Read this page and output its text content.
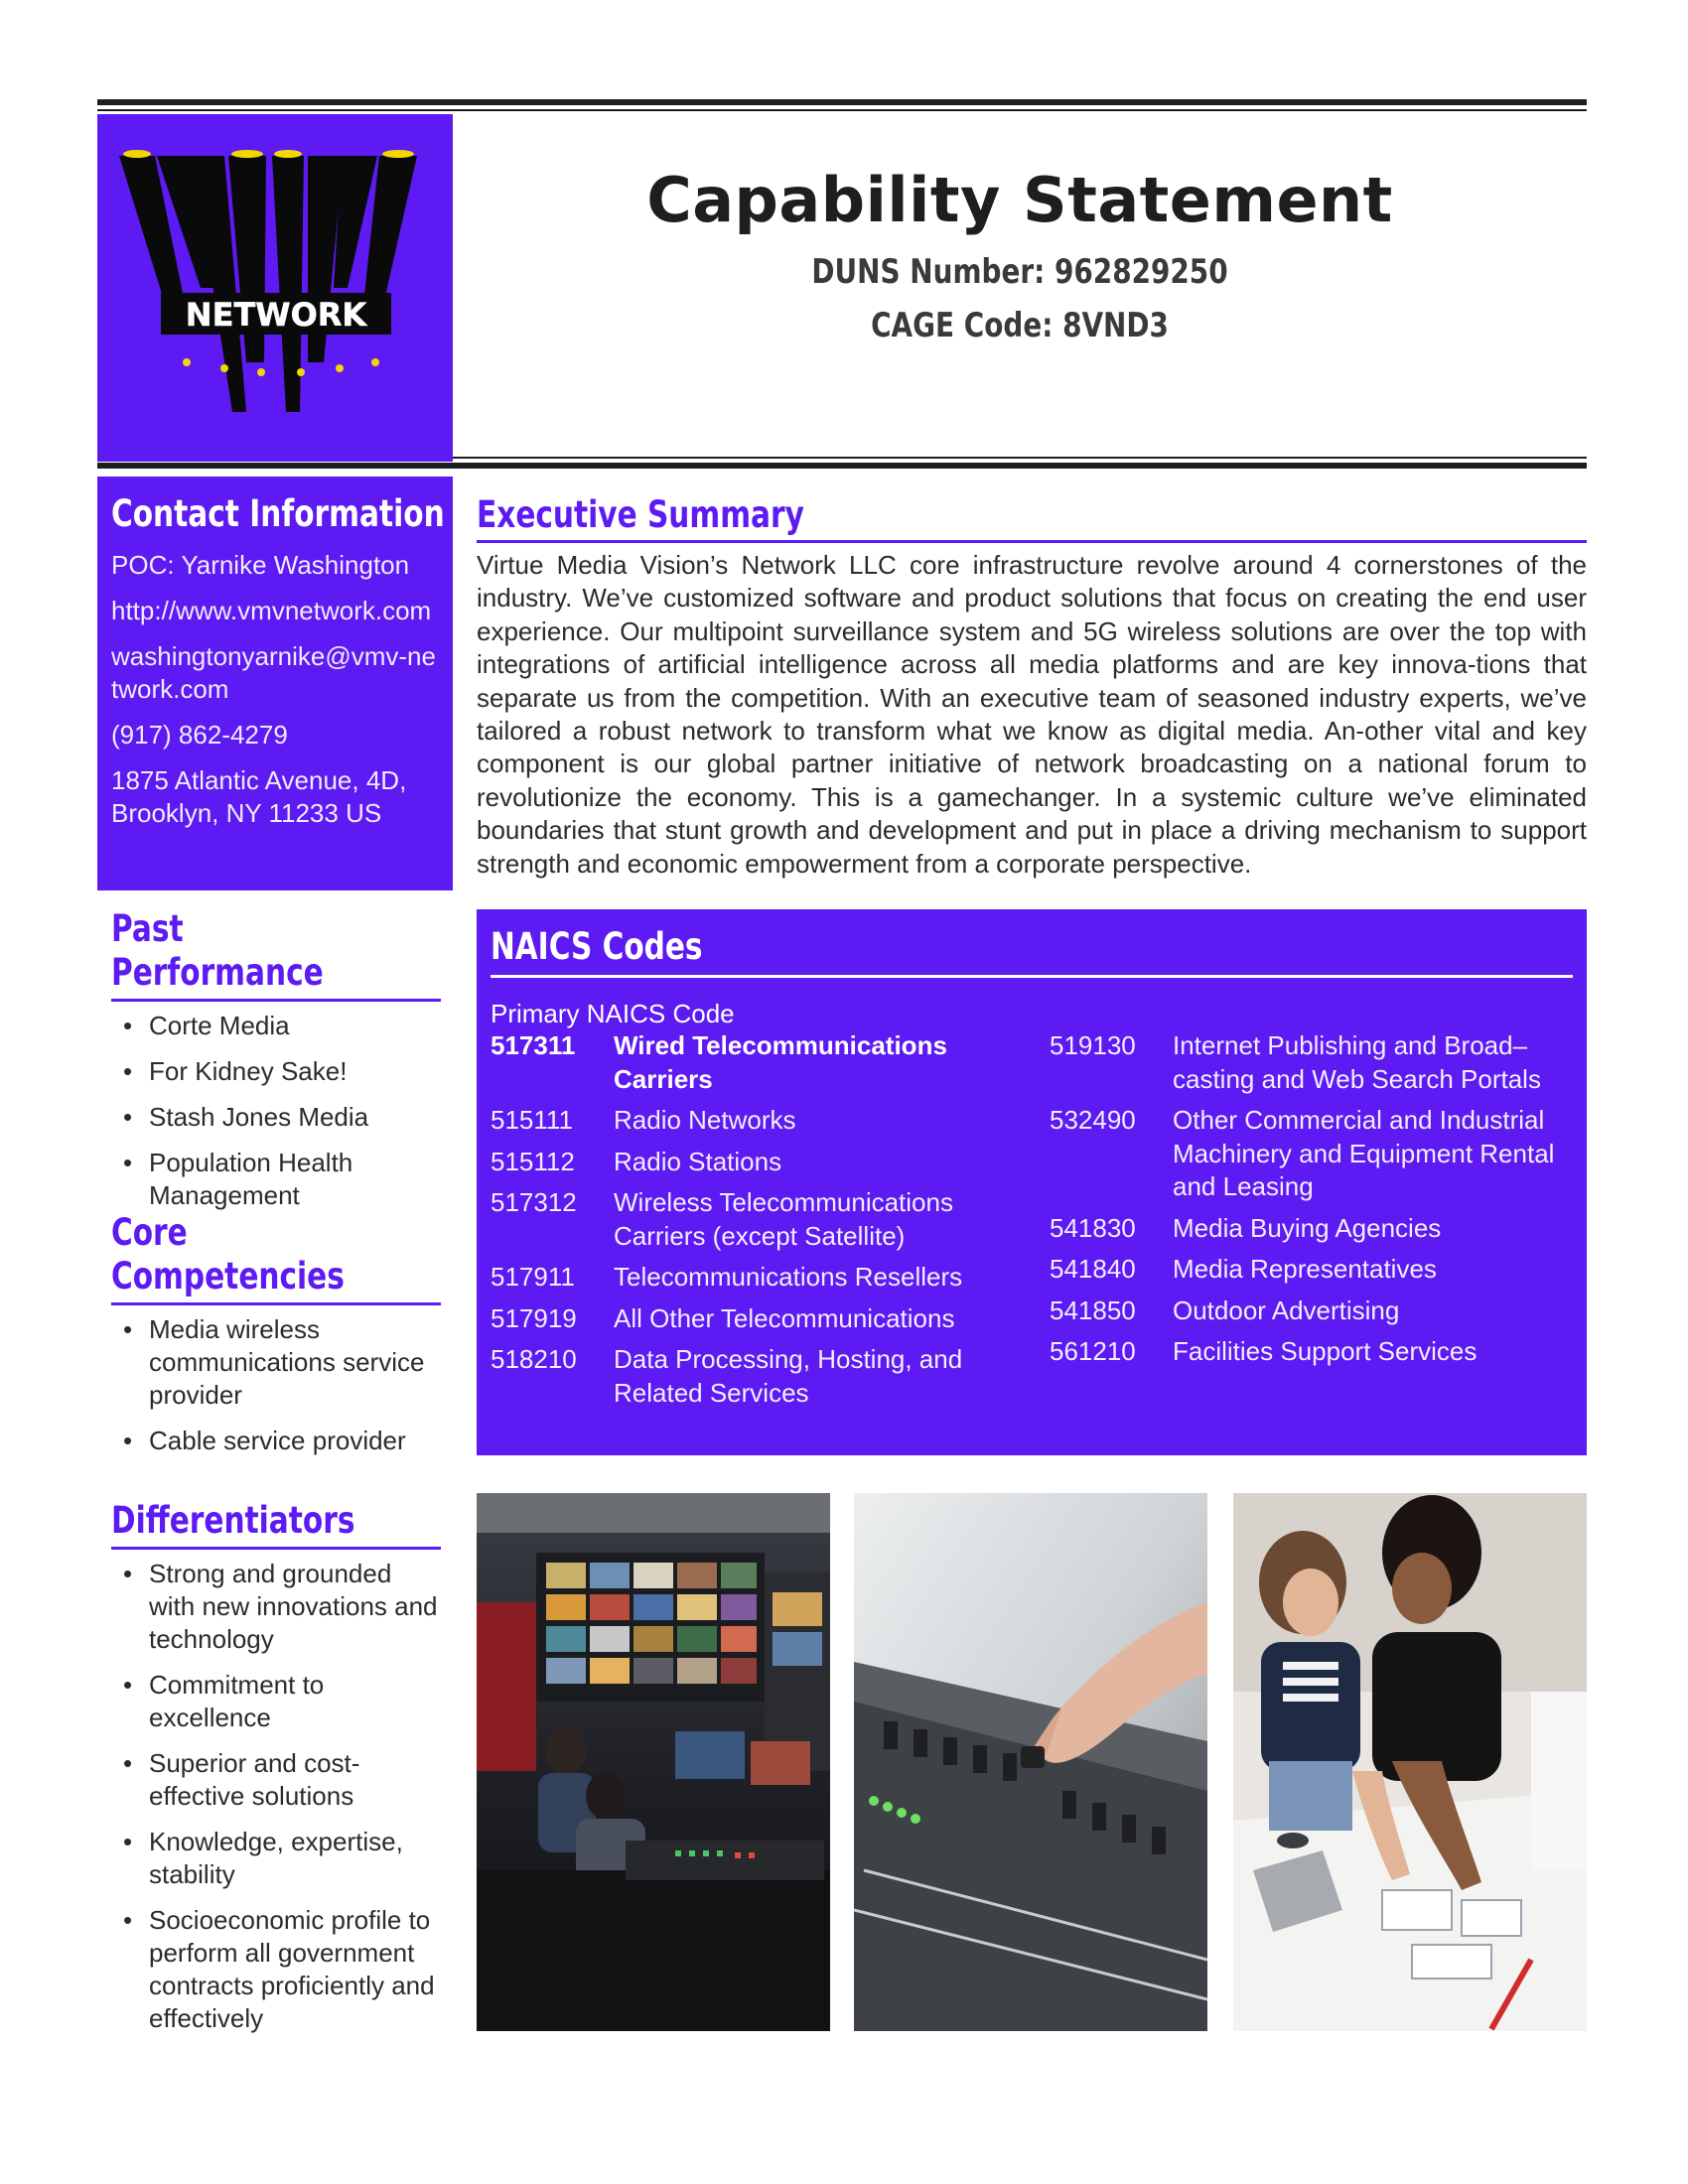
NETWORK
Capability Statement
DUNS Number: 962829250
CAGE Code: 8VND3
Contact Information
POC: Yarnike Washington
http://www.vmvnetwork.com
washingtonyarnike@vmv-network.com
(917) 862-4279
1875 Atlantic Avenue, 4D,
Brooklyn, NY 11233 US
Past Performance
• Corte Media
• For Kidney Sake!
• Stash Jones Media
• Population Health Management
Core Competencies
• Media wireless communications service provider
• Cable service provider
Differentiators
• Strong and grounded with new innovations and technology
• Commitment to excellence
• Superior and cost-effective solutions
• Knowledge, expertise, stability
• Socioeconomic profile to perform all government contracts proficiently and effectively
Executive Summary

Virtue Media Vision’s Network LLC core infrastructure revolve around 4 cornerstones of the industry. We’ve customized software and product solutions that focus on creating the end user experience. Our multipoint surveillance system and 5G wireless solutions are over the top with integrations of artificial intelligence across all media platforms and are key innova-tions that separate us from the competition. With an executive team of seasoned industry experts, we’ve tailored a robust network to transform what we know as digital media. An-other vital and key component is our global partner initiative of network broadcasting on a national forum to revolutionize the economy. This is a gamechanger. In a systemic culture we’ve eliminated boundaries that stunt growth and development and put in place a driving mechanism to support strength and economic empowerment from a corporate perspective.

NAICS Codes
Primary NAICS Code
517311	Wired Telecommunications Carriers
515111	Radio Networks
515112	Radio Stations
517312	Wireless Telecommunications Carriers (except Satellite)
517911	Telecommunications Resellers
517919	All Other Telecommunications
518210	Data Processing, Hosting, and Related Services
519130	Internet Publishing and Broad–casting and Web Search Portals
532490	Other Commercial and Industrial Machinery and Equipment Rental and Leasing
541830	Media Buying Agencies
541840	Media Representatives
541850	Outdoor Advertising
561210	Facilities Support Services
